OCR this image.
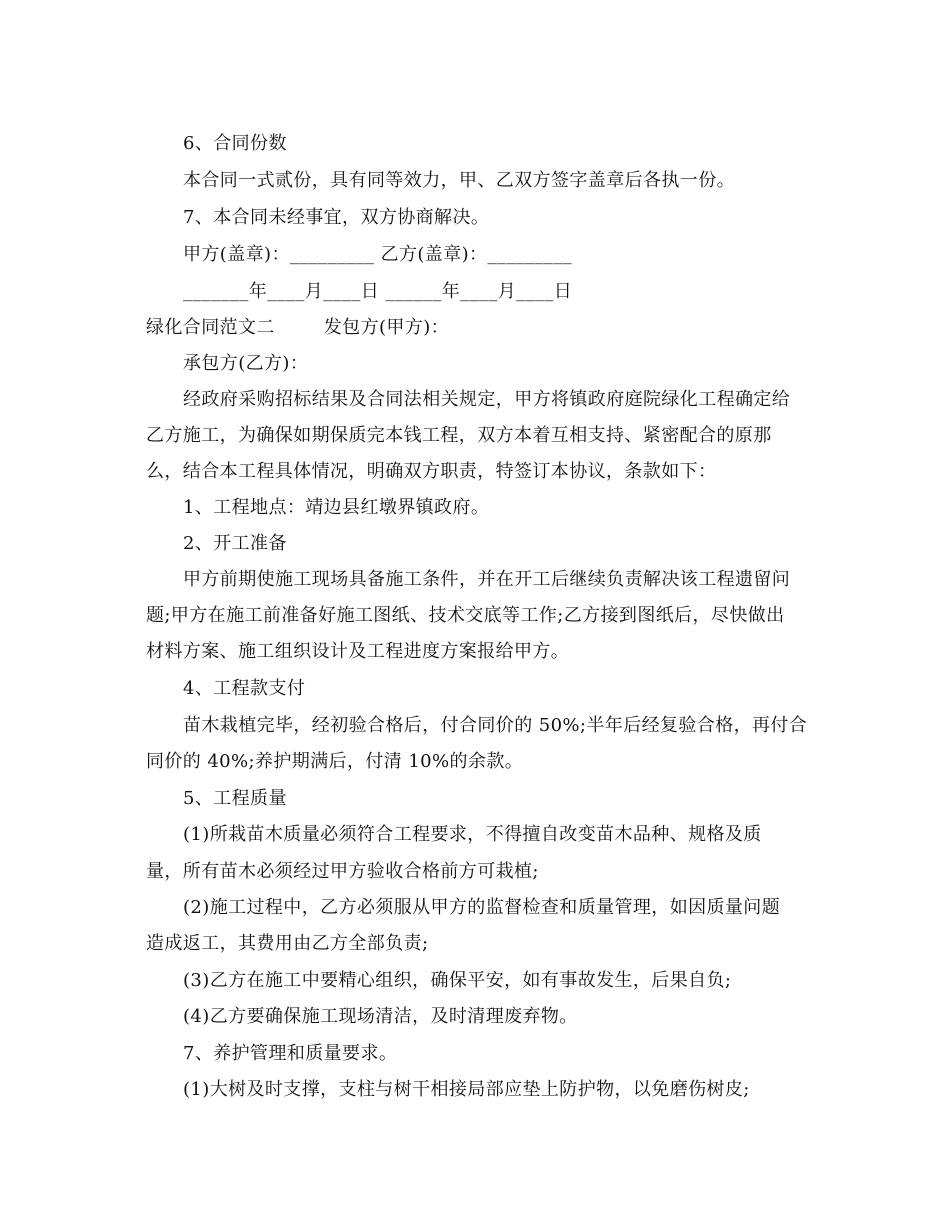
6、合同份数
本合同一式贰份，具有同等效力，甲、乙双方签字盖章后各执一份。
7、本合同未经事宜，双方协商解决。
甲方(盖章)：_________ 乙方(盖章)：_________
_______年____月____日 ______年____月____日
绿化合同范文二        发包方(甲方)：
承包方(乙方)：
经政府采购招标结果及合同法相关规定，甲方将镇政府庭院绿化工程确定给
乙方施工，为确保如期保质完本钱工程，双方本着互相支持、紧密配合的原那
么，结合本工程具体情况，明确双方职责，特签订本协议，条款如下：
1、工程地点：靖边县红墩界镇政府。
2、开工准备
甲方前期使施工现场具备施工条件，并在开工后继续负责解决该工程遗留问
题;甲方在施工前准备好施工图纸、技术交底等工作;乙方接到图纸后，尽快做出
材料方案、施工组织设计及工程进度方案报给甲方。
4、工程款支付
苗木栽植完毕，经初验合格后，付合同价的 50%;半年后经复验合格，再付合
同价的 40%;养护期满后，付清 10%的余款。
5、工程质量
(1)所栽苗木质量必须符合工程要求，不得擅自改变苗木品种、规格及质
量，所有苗木必须经过甲方验收合格前方可栽植;
(2)施工过程中，乙方必须服从甲方的监督检查和质量管理，如因质量问题
造成返工，其费用由乙方全部负责;
(3)乙方在施工中要精心组织，确保平安，如有事故发生，后果自负;
(4)乙方要确保施工现场清洁，及时清理废弃物。
7、养护管理和质量要求。
(1)大树及时支撑，支柱与树干相接局部应垫上防护物，以免磨伤树皮;
